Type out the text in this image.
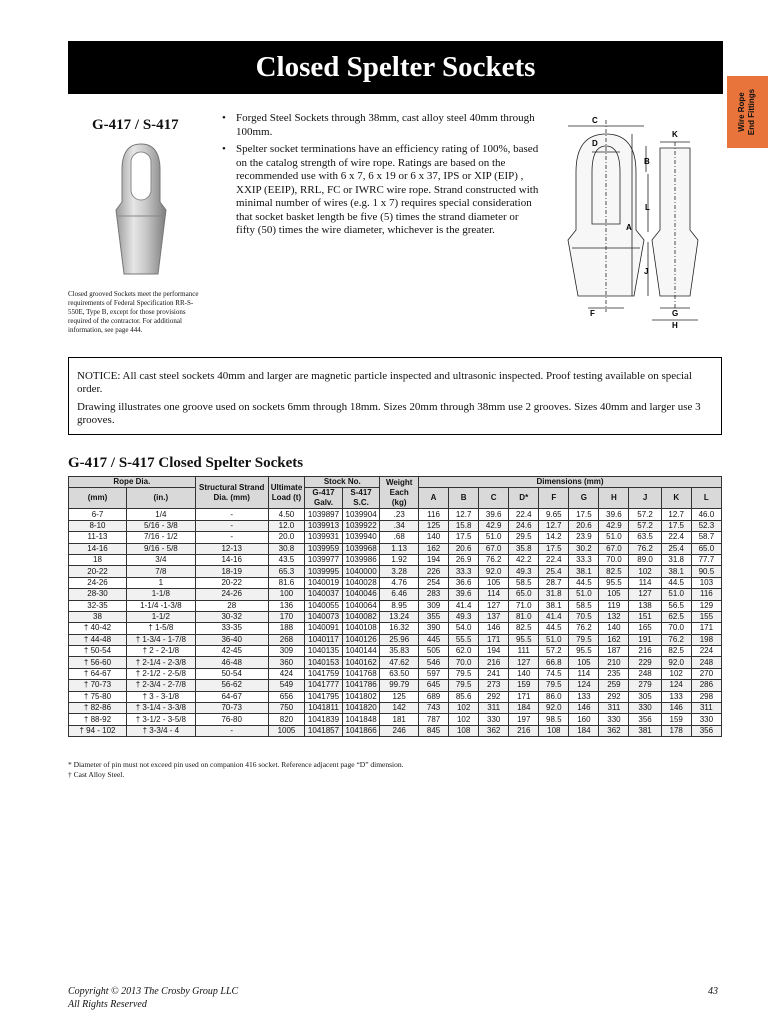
Closed Spelter Sockets
Wire Rope End Fittings
G-417 / S-417
Closed grooved Sockets meet the performance requirements of Federal Specification RR-S-550E, Type B, except for those provisions required of the contractor. For additional information, see page 444.
• Forged Steel Sockets through 38mm, cast alloy steel 40mm through 100mm.
• Spelter socket terminations have an efficiency rating of 100%, based on the catalog strength of wire rope. Ratings are based on the recommended use with 6 x 7, 6 x 19 or 6 x 37, IPS or XIP (EIP) , XXIP (EEIP), RRL, FC or IWRC wire rope. Strand constructed with minimal number of wires (e.g. 1 x 7) requires special consideration that socket basket length be five (5) times the strand diameter or fifty (50) times the wire diameter, whichever is the greater.
C
D
K
B
L
A
J
F	G
H

NOTICE: All cast steel sockets 40mm and larger are magnetic particle inspected and ultrasonic inspected. Proof testing available on special order.

Drawing illustrates one groove used on sockets 6mm through 18mm. Sizes 20mm through 38mm use 2 grooves. Sizes 40mm and larger use 3 grooves.

G-417 / S-417 Closed Spelter Sockets
Rope Dia.		Structural Strand Dia. (mm)	Ultimate Load (t)	Stock No.		Weight Each (kg)	Dimensions (mm)									
(mm)	(in.)			G-417 Galv.	S-417 S.C.		A	B	C	D*	F	G	H	J	K	L
6-7	1/4	-	4.50	1039897	1039904	.23	116	12.7	39.6	22.4	9.65	17.5	39.6	57.2	12.7	46.0
8-10	5/16 - 3/8	-	12.0	1039913	1039922	.34	125	15.8	42.9	24.6	12.7	20.6	42.9	57.2	17.5	52.3
11-13	7/16 - 1/2	-	20.0	1039931	1039940	.68	140	17.5	51.0	29.5	14.2	23.9	51.0	63.5	22.4	58.7
14-16	9/16 - 5/8	12-13	30.8	1039959	1039968	1.13	162	20.6	67.0	35.8	17.5	30.2	67.0	76.2	25.4	65.0
18	3/4	14-16	43.5	1039977	1039986	1.92	194	26.9	76.2	42.2	22.4	33.3	70.0	89.0	31.8	77.7
20-22	7/8	18-19	65.3	1039995	1040000	3.28	226	33.3	92.0	49.3	25.4	38.1	82.5	102	38.1	90.5
24-26	1	20-22	81.6	1040019	1040028	4.76	254	36.6	105	58.5	28.7	44.5	95.5	114	44.5	103
28-30	1-1/8	24-26	100	1040037	1040046	6.46	283	39.6	114	65.0	31.8	51.0	105	127	51.0	116
32-35	1-1/4 -1-3/8	28	136	1040055	1040064	8.95	309	41.4	127	71.0	38.1	58.5	119	138	56.5	129
38	1-1/2	30-32	170	1040073	1040082	13.24	355	49.3	137	81.0	41.4	70.5	132	151	62.5	155
† 40-42	† 1-5/8	33-35	188	1040091	1040108	16.32	390	54.0	146	82.5	44.5	76.2	140	165	70.0	171
† 44-48	† 1-3/4 - 1-7/8	36-40	268	1040117	1040126	25.96	445	55.5	171	95.5	51.0	79.5	162	191	76.2	198
† 50-54	† 2 - 2-1/8	42-45	309	1040135	1040144	35.83	505	62.0	194	111	57.2	95.5	187	216	82.5	224
† 56-60	† 2-1/4 - 2-3/8	46-48	360	1040153	1040162	47.62	546	70.0	216	127	66.8	105	210	229	92.0	248
† 64-67	† 2-1/2 - 2-5/8	50-54	424	1041759	1041768	63.50	597	79.5	241	140	74.5	114	235	248	102	270
† 70-73	† 2-3/4 - 2-7/8	56-62	549	1041777	1041786	99.79	645	79.5	273	159	79.5	124	259	279	124	286
† 75-80	† 3 - 3-1/8	64-67	656	1041795	1041802	125	689	85.6	292	171	86.0	133	292	305	133	298
† 82-86	† 3-1/4 - 3-3/8	70-73	750	1041811	1041820	142	743	102	311	184	92.0	146	311	330	146	311
† 88-92	† 3-1/2 - 3-5/8	76-80	820	1041839	1041848	181	787	102	330	197	98.5	160	330	356	159	330
† 94 - 102	† 3-3/4 - 4	-	1005	1041857	1041866	246	845	108	362	216	108	184	362	381	178	356
* Diameter of pin must not exceed pin used on companion 416 socket. Reference adjacent page “D” dimension.
† Cast Alloy Steel.
Copyright © 2013 The Crosby Group LLC
All Rights Reserved
43
